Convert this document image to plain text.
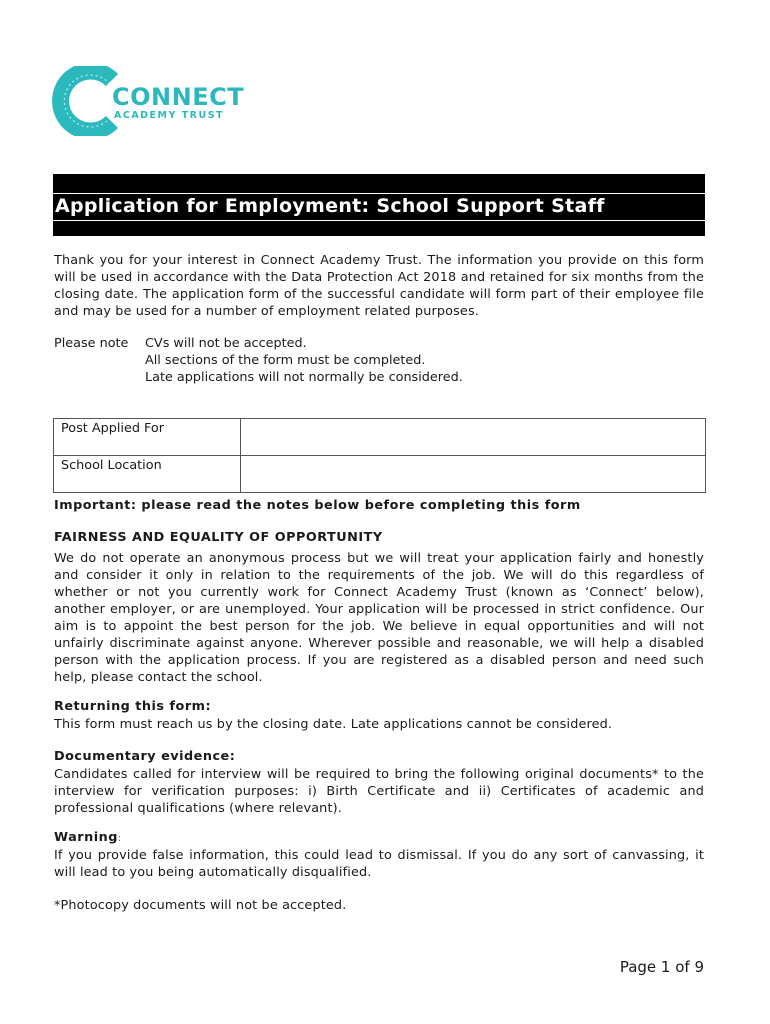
CONNECT
ACADEMY TRUST
Application for Employment: School Support Staff
Thank you for your interest in Connect Academy Trust. The information you provide on this form will be used in accordance with the Data Protection Act 2018 and retained for six months from the closing date. The application form of the successful candidate will form part of their employee file and may be used for a number of employment related purposes.
Please note CVs will not be accepted.
All sections of the form must be completed.
Late applications will not normally be considered.
Post Applied For	
School Location	
Important: please read the notes below before completing this form
FAIRNESS AND EQUALITY OF OPPORTUNITY
We do not operate an anonymous process but we will treat your application fairly and honestly and consider it only in relation to the requirements of the job. We will do this regardless of whether or not you currently work for Connect Academy Trust (known as ‘Connect’ below), another employer, or are unemployed. Your application will be processed in strict confidence. Our aim is to appoint the best person for the job. We believe in equal opportunities and will not unfairly discriminate against anyone. Wherever possible and reasonable, we will help a disabled person with the application process. If you are registered as a disabled person and need such help, please contact the school.
Returning this form:
This form must reach us by the closing date. Late applications cannot be considered.
Documentary evidence:
Candidates called for interview will be required to bring the following original documents* to the interview for verification purposes: i) Birth Certificate and ii) Certificates of academic and professional qualifications (where relevant).
Warning:
If you provide false information, this could lead to dismissal. If you do any sort of canvassing, it will lead to you being automatically disqualified.
*Photocopy documents will not be accepted.
Page 1 of 9
